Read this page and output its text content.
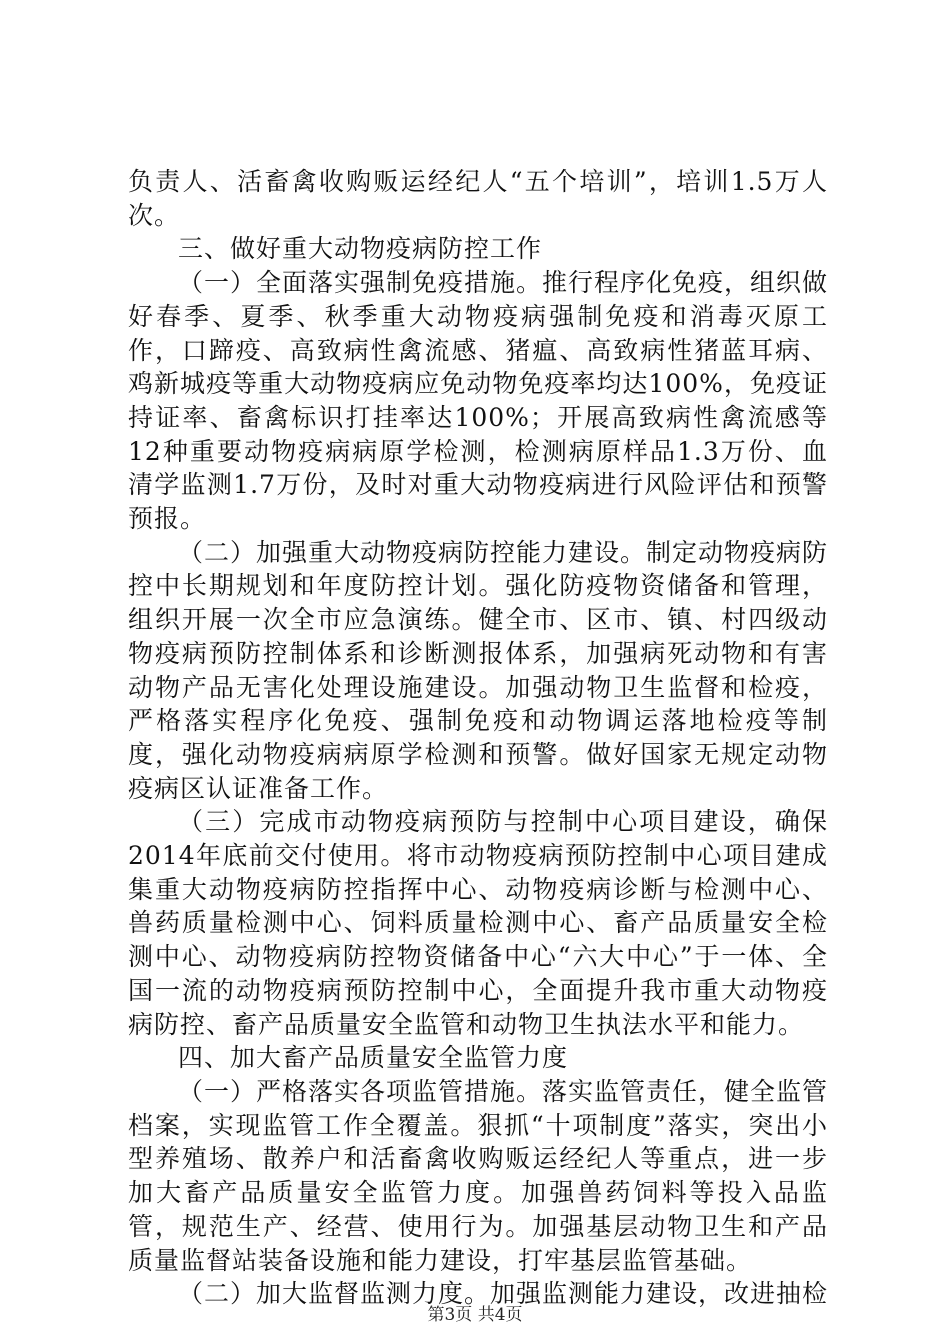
负责人、活畜禽收购贩运经纪人“五个培训”，培训1.5万人次。

三、做好重大动物疫病防控工作

（一）全面落实强制免疫措施。推行程序化免疫，组织做好春季、夏季、秋季重大动物疫病强制免疫和消毒灭原工作，口蹄疫、高致病性禽流感、猪瘟、高致病性猪蓝耳病、鸡新城疫等重大动物疫病应免动物免疫率均达100%，免疫证持证率、畜禽标识打挂率达100%；开展高致病性禽流感等12种重要动物疫病病原学检测，检测病原样品1.3万份、血清学监测1.7万份，及时对重大动物疫病进行风险评估和预警预报。

（二）加强重大动物疫病防控能力建设。制定动物疫病防控中长期规划和年度防控计划。强化防疫物资储备和管理，组织开展一次全市应急演练。健全市、区市、镇、村四级动物疫病预防控制体系和诊断测报体系，加强病死动物和有害动物产品无害化处理设施建设。加强动物卫生监督和检疫，严格落实程序化免疫、强制免疫和动物调运落地检疫等制度，强化动物疫病病原学检测和预警。做好国家无规定动物疫病区认证准备工作。

（三）完成市动物疫病预防与控制中心项目建设，确保2014年底前交付使用。将市动物疫病预防控制中心项目建成集重大动物疫病防控指挥中心、动物疫病诊断与检测中心、兽药质量检测中心、饲料质量检测中心、畜产品质量安全检测中心、动物疫病防控物资储备中心“六大中心”于一体、全国一流的动物疫病预防控制中心，全面提升我市重大动物疫病防控、畜产品质量安全监管和动物卫生执法水平和能力。

四、加大畜产品质量安全监管力度

（一）严格落实各项监管措施。落实监管责任，健全监管档案，实现监管工作全覆盖。狠抓“十项制度”落实，突出小型养殖场、散养户和活畜禽收购贩运经纪人等重点，进一步加大畜产品质量安全监管力度。加强兽药饲料等投入品监管，规范生产、经营、使用行为。加强基层动物卫生和产品质量监督站装备设施和能力建设，打牢基层监管基础。

（二）加大监督监测力度。加强监测能力建设，改进抽检

第3页 共4页
